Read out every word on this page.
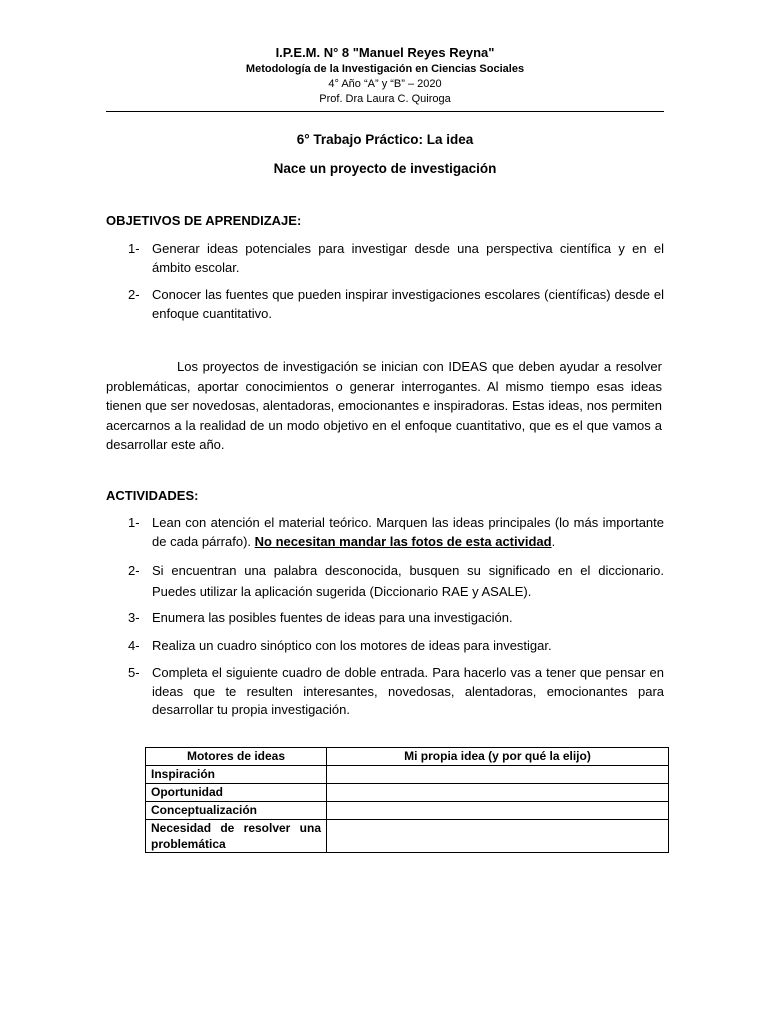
I.P.E.M. N° 8 "Manuel Reyes Reyna"
Metodología de la Investigación en Ciencias Sociales
4° Año “A” y “B” – 2020
Prof. Dra Laura C. Quiroga
6° Trabajo Práctico: La idea
Nace un proyecto de investigación
OBJETIVOS DE APRENDIZAJE:
1- Generar ideas potenciales para investigar desde una perspectiva científica y en el ámbito escolar.
2- Conocer las fuentes que pueden inspirar investigaciones escolares (científicas) desde el enfoque cuantitativo.
Los proyectos de investigación se inician con IDEAS que deben ayudar a resolver problemáticas, aportar conocimientos o generar interrogantes. Al mismo tiempo esas ideas tienen que ser novedosas, alentadoras, emocionantes e inspiradoras. Estas ideas, nos permiten acercarnos a la realidad de un modo objetivo en el enfoque cuantitativo, que es el que vamos a desarrollar este año.
ACTIVIDADES:
1- Lean con atención el material teórico. Marquen las ideas principales (lo más importante de cada párrafo). No necesitan mandar las fotos de esta actividad.
2- Si encuentran una palabra desconocida, busquen su significado en el diccionario. Puedes utilizar la aplicación sugerida (Diccionario RAE y ASALE).
3- Enumera las posibles fuentes de ideas para una investigación.
4- Realiza un cuadro sinóptico con los motores de ideas para investigar.
5- Completa el siguiente cuadro de doble entrada. Para hacerlo vas a tener que pensar en ideas que te resulten interesantes, novedosas, alentadoras, emocionantes para desarrollar tu propia investigación.
Motores de ideas	Mi propia idea (y por qué la elijo)
Inspiración	
Oportunidad	
Conceptualización	
Necesidad de resolver una problemática	
